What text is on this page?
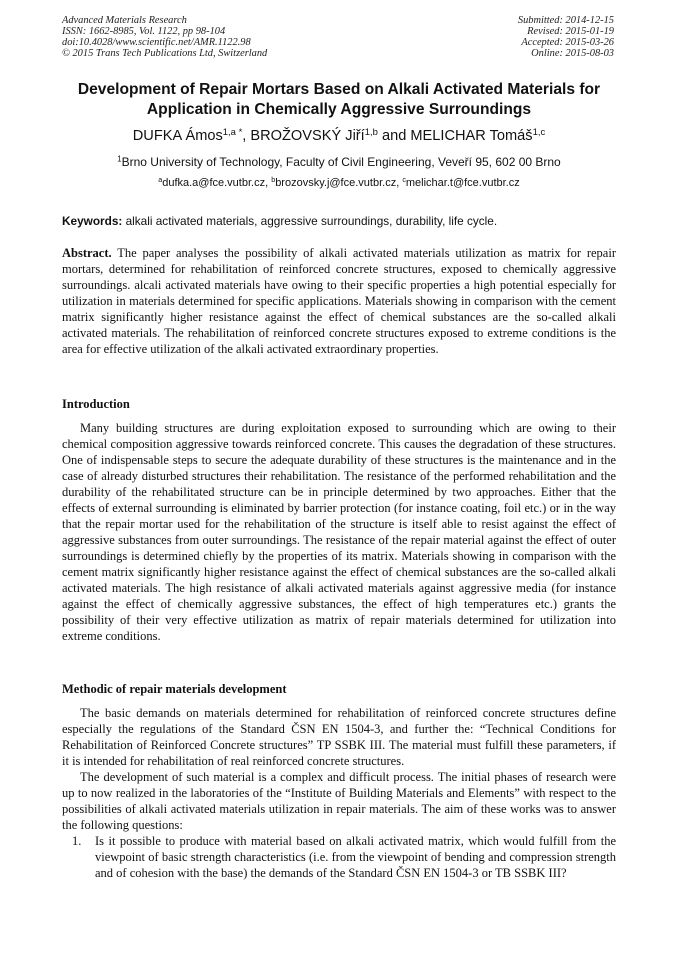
Advanced Materials Research
ISSN: 1662-8985, Vol. 1122, pp 98-104
doi:10.4028/www.scientific.net/AMR.1122.98
© 2015 Trans Tech Publications Ltd, Switzerland
Submitted: 2014-12-15
Revised: 2015-01-19
Accepted: 2015-03-26
Online: 2015-08-03
Development of Repair Mortars Based on Alkali Activated Materials for Application in Chemically Aggressive Surroundings
DUFKA Ámos$^{1,a *}$, BROŽOVSKÝ Jiří$^{1,b}$ and MELICHAR Tomáš$^{1,c}$
$^1$Brno University of Technology, Faculty of Civil Engineering, Veveří 95, 602 00 Brno
$^a$dufka.a@fce.vutbr.cz, $^b$brozovsky.j@fce.vutbr.cz, $^c$melichar.t@fce.vutbr.cz
Keywords: alkali activated materials, aggressive surroundings, durability, life cycle.
Abstract. The paper analyses the possibility of alkali activated materials utilization as matrix for repair mortars, determined for rehabilitation of reinforced concrete structures, exposed to chemically aggressive surroundings. alcali activated materials have owing to their specific properties a high potential especially for utilization in materials determined for specific applications. Materials showing in comparison with the cement matrix significantly higher resistance against the effect of chemical substances are the so-called alkali activated materials. The rehabilitation of reinforced concrete structures exposed to extreme conditions is the area for effective utilization of the alkali activated extraordinary properties.
Introduction
Many building structures are during exploitation exposed to surrounding which are owing to their chemical composition aggressive towards reinforced concrete. This causes the degradation of these structures. One of indispensable steps to secure the adequate durability of these structures is the maintenance and in the case of already disturbed structures their rehabilitation. The resistance of the performed rehabilitation and the durability of the rehabilitated structure can be in principle determined by two approaches. Either that the effects of external surrounding is eliminated by barrier protection (for instance coating, foil etc.) or in the way that the repair mortar used for the rehabilitation of the structure is itself able to resist against the effect of aggressive substances from outer surroundings. The resistance of the repair material against the effect of outer surroundings is determined chiefly by the properties of its matrix. Materials showing in comparison with the cement matrix significantly higher resistance against the effect of chemical substances are the so-called alkali activated materials. The high resistance of alkali activated materials against aggressive media (for instance against the effect of chemically aggressive substances, the effect of high temperatures etc.) grants the possibility of their very effective utilization as matrix of repair materials determined for utilization into extreme conditions.
Methodic of repair materials development
The basic demands on materials determined for rehabilitation of reinforced concrete structures define especially the regulations of the Standard ČSN EN 1504-3, and further the: “Technical Conditions for Rehabilitation of Reinforced Concrete structures” TP SSBK III. The material must fulfill these parameters, if it is intended for rehabilitation of real reinforced concrete structures.
The development of such material is a complex and difficult process. The initial phases of research were up to now realized in the laboratories of the “Institute of Building Materials and Elements” with respect to the possibilities of alkali activated materials utilization in repair materials. The aim of these works was to answer the following questions:
1. Is it possible to produce with material based on alkali activated matrix, which would fulfill from the viewpoint of basic strength characteristics (i.e. from the viewpoint of bending and compression strength and of cohesion with the base) the demands of the Standard ČSN EN 1504-3 or TB SSBK III?
